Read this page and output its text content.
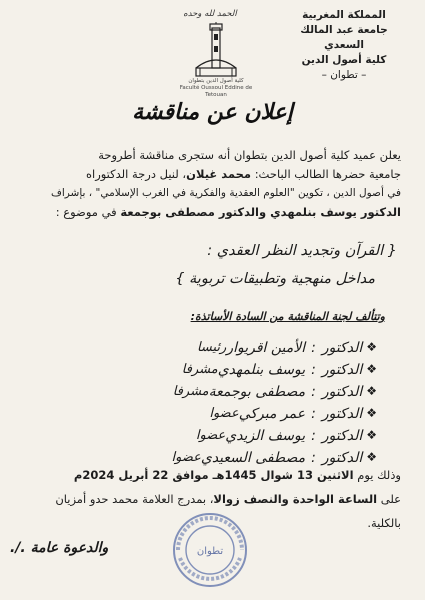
المملكة المغربية
جامعة عبد المالك السعدي
كلية أصول الدين
– تطوان –
الحمد لله وحده
كلية أصول الدين بتطوان
Faculté Oussoul Eddine de Tetouan
إعلان عن مناقشة
يعلن عميد كلية أصول الدين بتطوان أنه ستجرى مناقشة أطروحة
جامعية حضرها الطالب الباحث: محمد غيلان، لنيل درجة الدكتوراه
في أصول الدين ، تكوين "العلوم العقدية والفكرية في الغرب الإسلامي" ، بإشراف
الدكتور يوسف بنلمهدي والدكتور مصطفى بوجمعة في موضوع :
{ القرآن وتجديد النظر العقدي :
مداخل منهجية وتطبيقات تربوية }
وتتألف لجنة المناقشة من السادة الأساتذة:
❖
الدكتور
:
الأمين اقريوار
رئيسا
❖
الدكتور
:
يوسف بنلمهدي
مشرفا
❖
الدكتور
:
مصطفى بوجمعة
مشرفا
❖
الدكتور
:
عمر مبركي
عضوا
❖
الدكتور
:
يوسف الزيدي
عضوا
❖
الدكتور
:
مصطفى السعيدي
عضوا
وذلك يوم الاثنين 13 شوال 1445هـ موافق 22 أبريل 2024م
على الساعة الواحدة والنصف زوالا، بمدرج العلامة محمد حدو أمزيان
بالكلية.
تطوان
والدعوة عامة ./.
